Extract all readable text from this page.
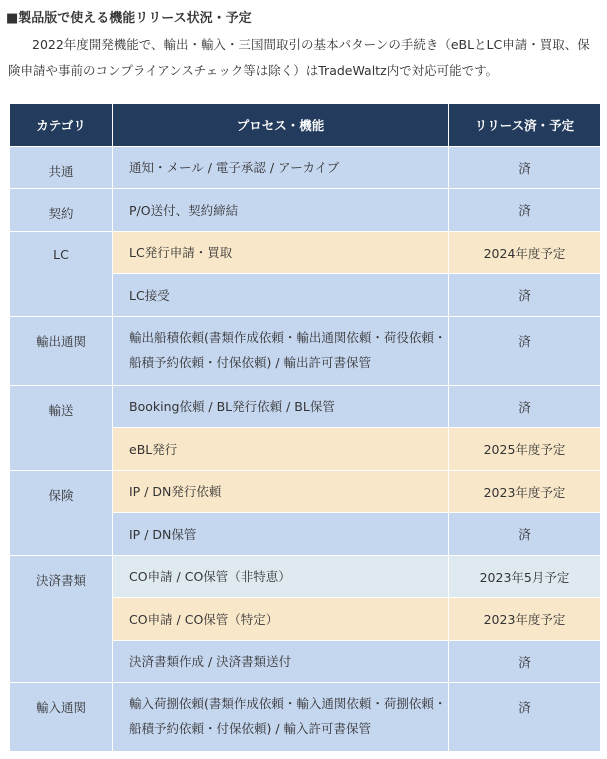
■製品版で使える機能リリース状況・予定
2022年度開発機能で、輸出・輸入・三国間取引の基本パターンの手続き（eBLとLC申請・買取、保険申請や事前のコンプライアンスチェック等は除く）はTradeWaltz内で対応可能です。
カテゴリ	プロセス・機能	リリース済・予定

共通	通知・メール / 電子承認 / アーカイブ	済

契約	P/O送付、契約締結	済

LC	LC発行申請・買取	2024年度予定
	LC接受	済

輸出通関	輸出船積依頼(書類作成依頼・輸出通関依頼・荷役依頼・船積予約依頼・付保依頼) / 輸出許可書保管	済

輸送	Booking依頼 / BL発行依頼 / BL保管	済
	eBL発行	2025年度予定

保険	IP / DN発行依頼	2023年度予定
	IP / DN保管	済

決済書類	CO申請 / CO保管（非特恵）	2023年5月予定
	CO申請 / CO保管（特定）	2023年度予定
	決済書類作成 / 決済書類送付	済

輸入通関	輸入荷捌依頼(書類作成依頼・輸入通関依頼・荷捌依頼・船積予約依頼・付保依頼) / 輸入許可書保管	済
